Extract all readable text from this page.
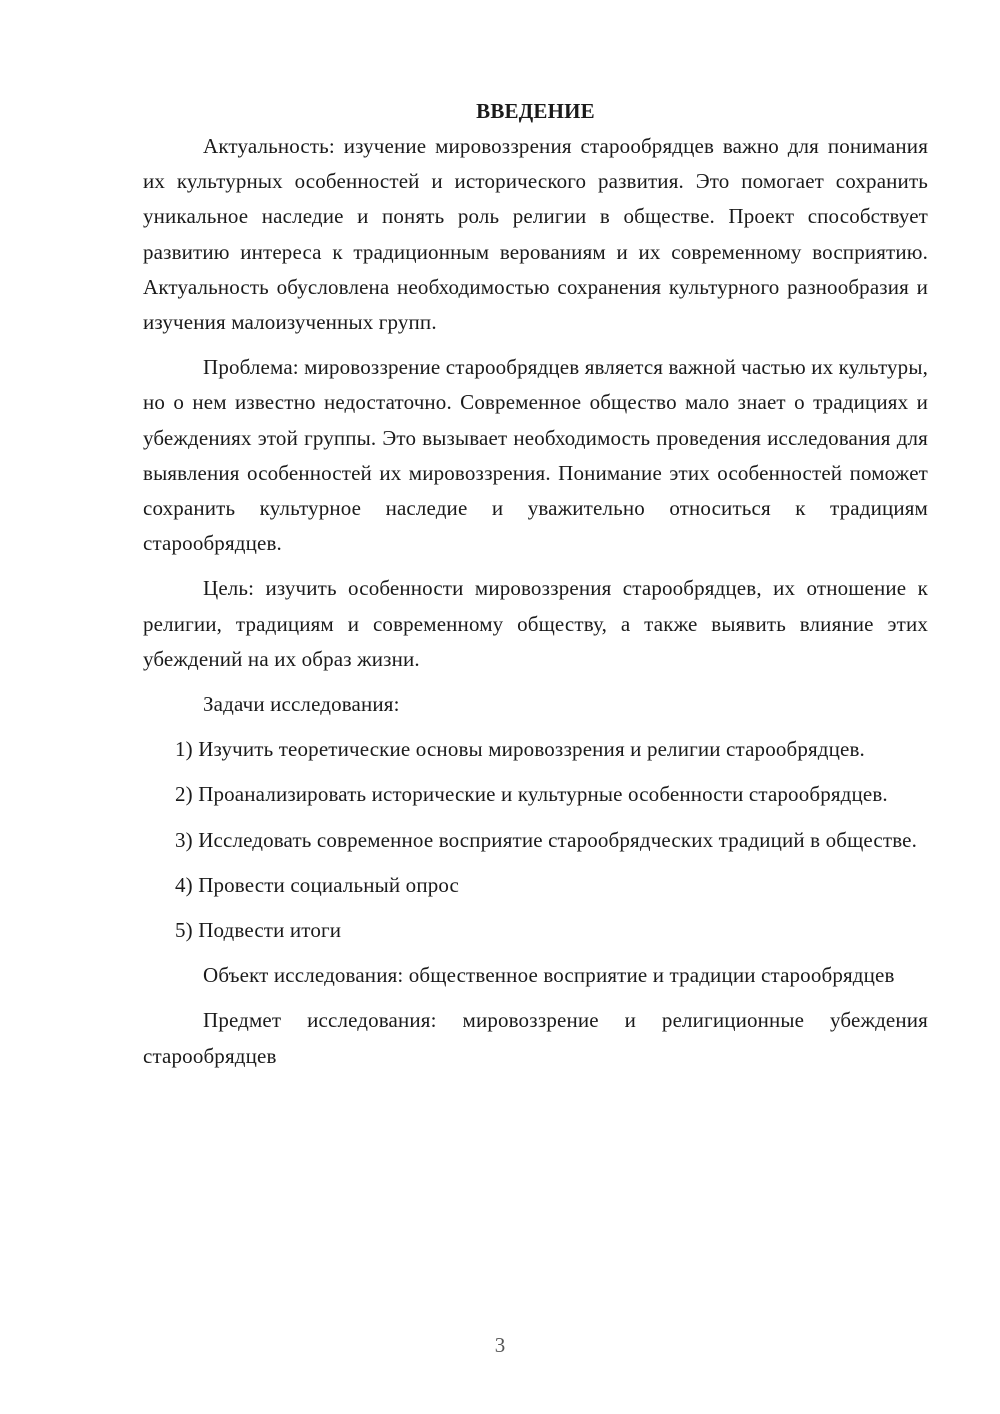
ВВЕДЕНИЕ

Актуальность: изучение мировоззрения старообрядцев важно для понимания их культурных особенностей и исторического развития. Это помогает сохранить уникальное наследие и понять роль религии в обществе. Проект способствует развитию интереса к традиционным верованиям и их современному восприятию. Актуальность обусловлена необходимостью сохранения культурного разнообразия и изучения малоизученных групп.

Проблема: мировоззрение старообрядцев является важной частью их культуры, но о нем известно недостаточно. Современное общество мало знает о традициях и убеждениях этой группы. Это вызывает необходимость проведения исследования для выявления особенностей их мировоззрения. Понимание этих особенностей поможет сохранить культурное наследие и уважительно относиться к традициям старообрядцев.

Цель: изучить особенности мировоззрения старообрядцев, их отношение к религии, традициям и современному обществу, а также выявить влияние этих убеждений на их образ жизни.

Задачи исследования:

1) Изучить теоретические основы мировоззрения и религии старообрядцев.

2) Проанализировать исторические и культурные особенности старообрядцев.

3) Исследовать современное восприятие старообрядческих традиций в обществе.

4) Провести социальный опрос

5) Подвести итоги

Объект исследования: общественное восприятие и традиции старообрядцев

Предмет исследования: мировоззрение и религиционные убеждения старообрядцев

3
